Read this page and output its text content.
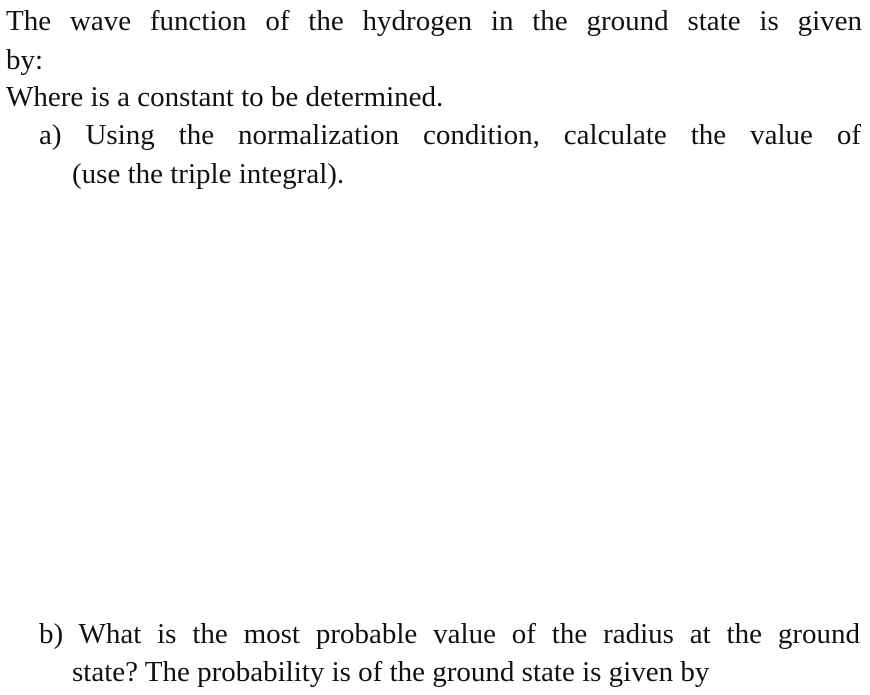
The wave function of the hydrogen in the ground state is given

by:

Where is a constant to be determined.

a) Using the normalization condition, calculate the value of

(use the triple integral).

b) What is the most probable value of the radius at the ground

state? The probability is of the ground state is given by
